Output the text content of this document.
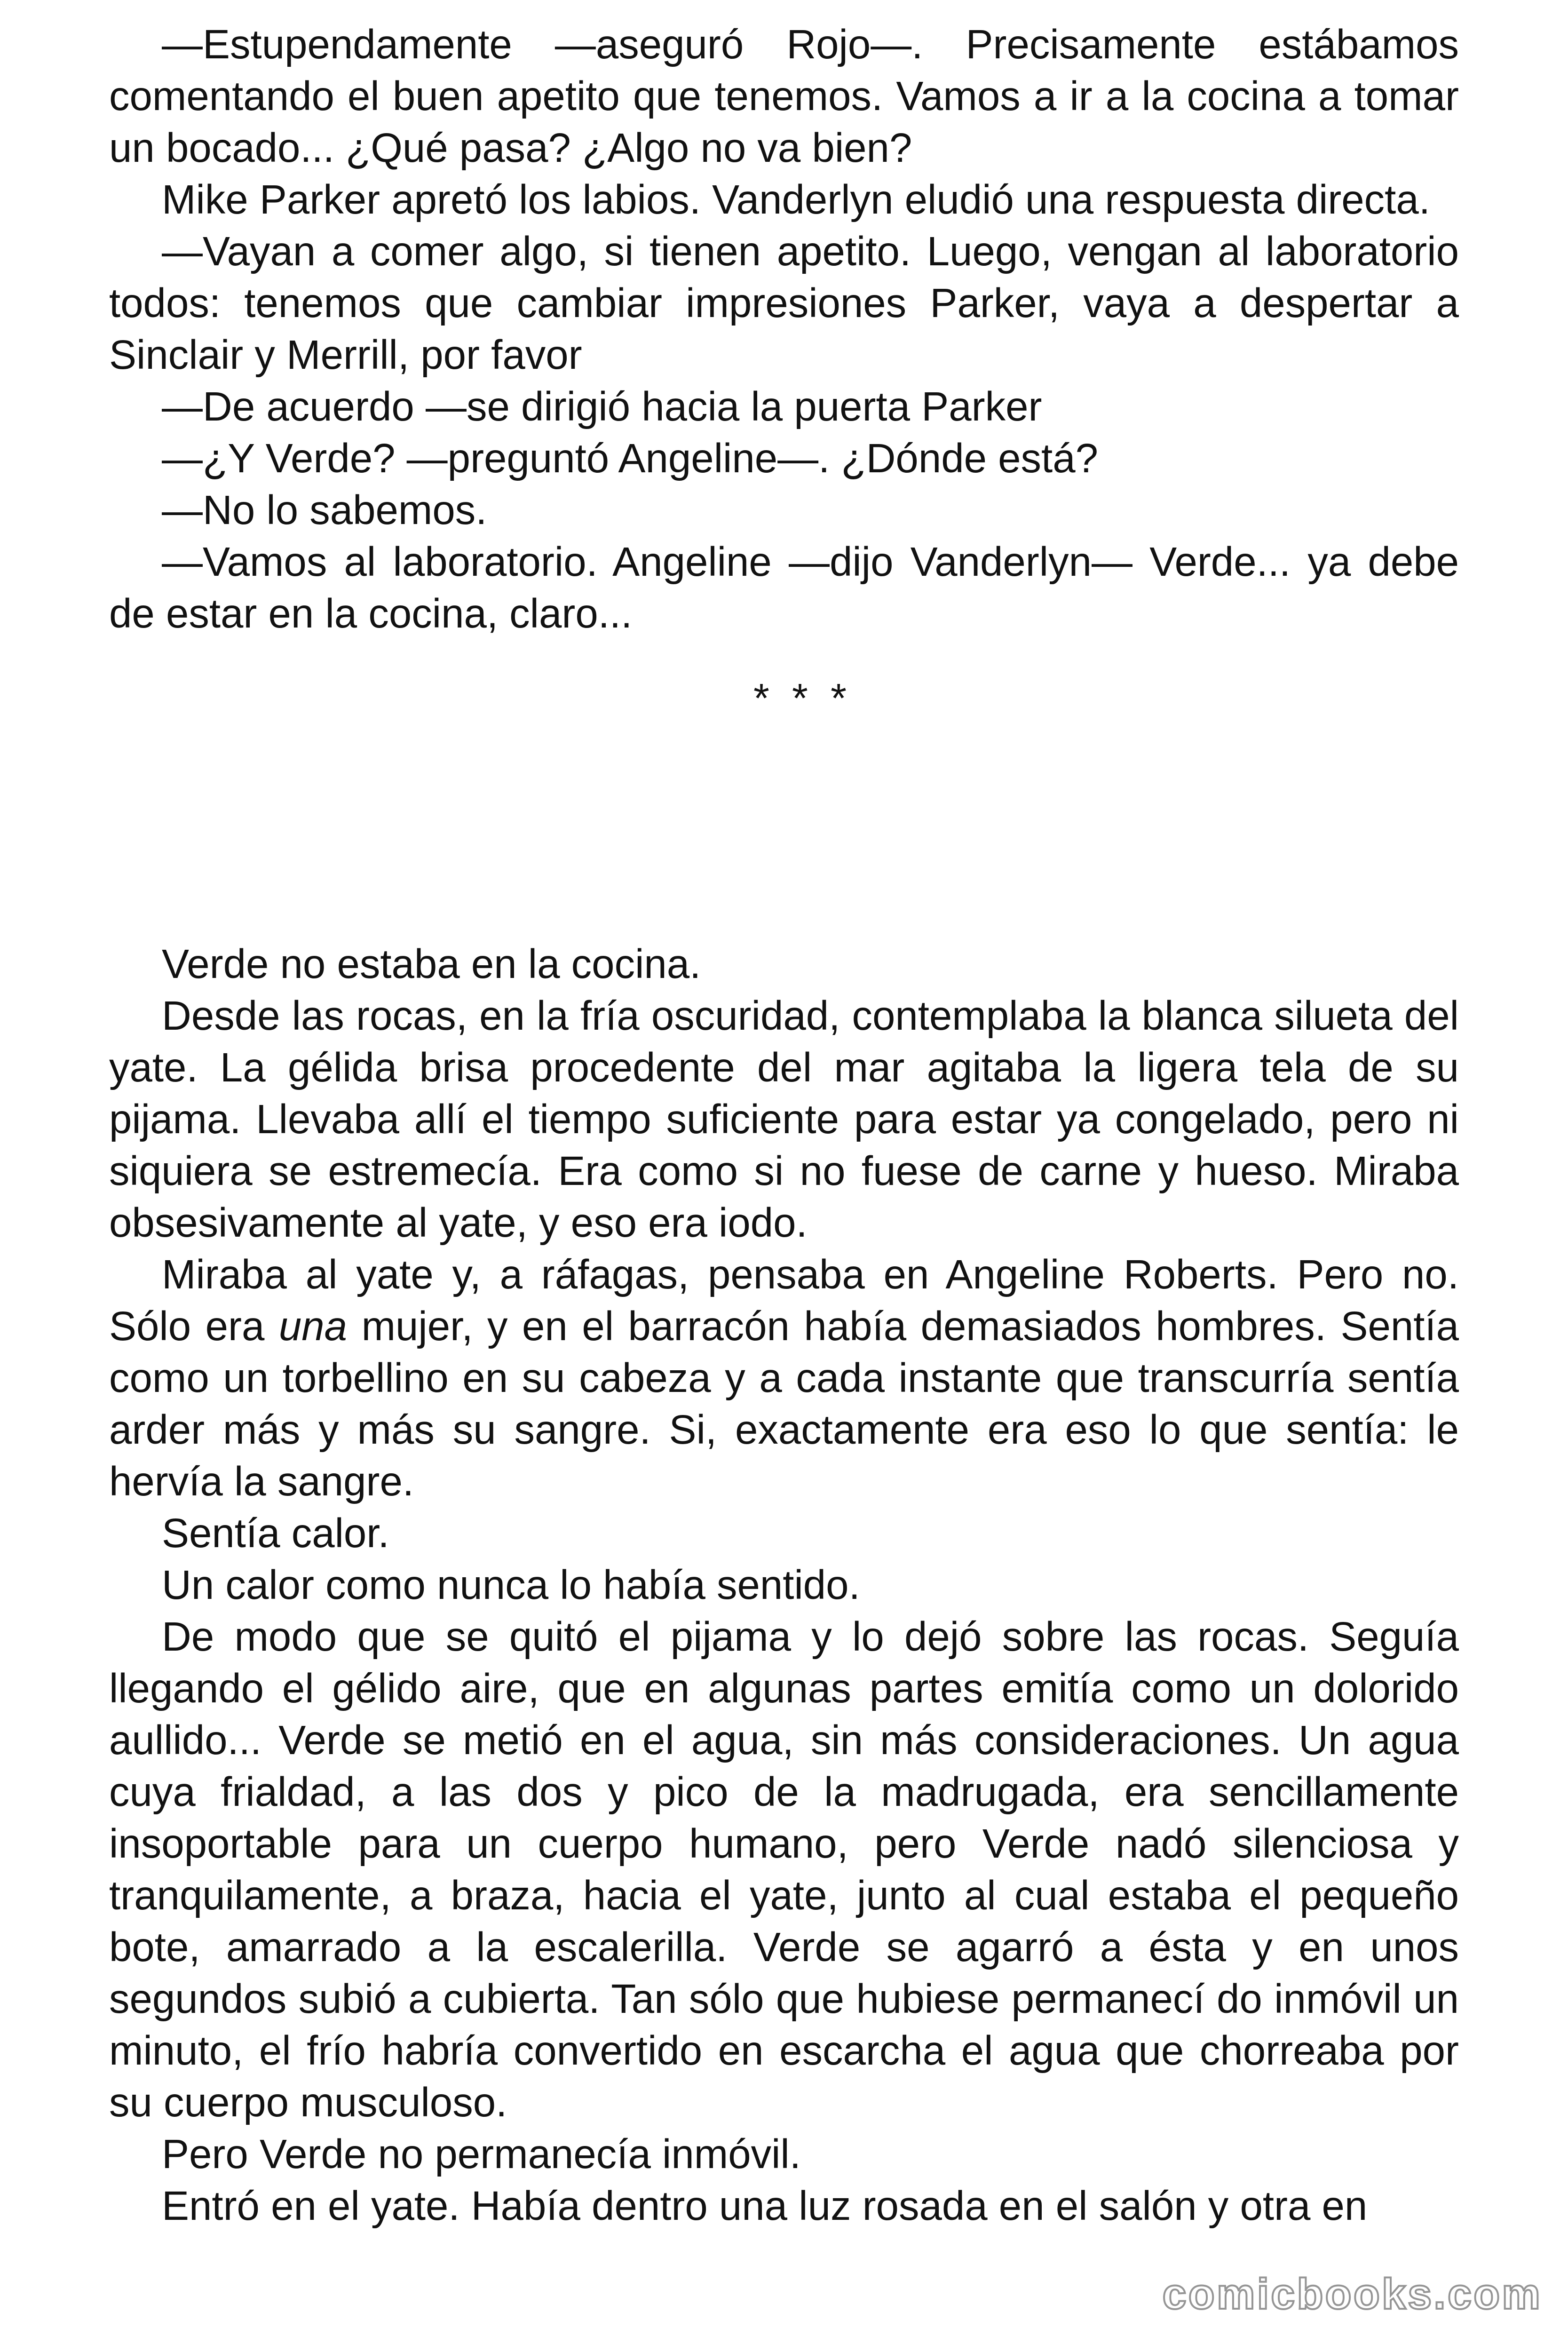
—Estupendamente —aseguró Rojo—. Precisamente estábamos comentando el buen apetito que tenemos. Vamos a ir a la cocina a tomar un bocado... ¿Qué pasa? ¿Algo no va bien?

Mike Parker apretó los labios. Vanderlyn eludió una respuesta directa.

—Vayan a comer algo, si tienen apetito. Luego, vengan al laboratorio todos: tenemos que cambiar impresiones Parker, vaya a despertar a Sinclair y Merrill, por favor

—De acuerdo —se dirigió hacia la puerta Parker

—¿Y Verde? —preguntó Angeline—. ¿Dónde está?

—No lo sabemos.

—Vamos al laboratorio. Angeline —dijo Vanderlyn— Verde... ya debe de estar en la cocina, claro...

* * *

Verde no estaba en la cocina.

Desde las rocas, en la fría oscuridad, contemplaba la blanca silueta del yate. La gélida brisa procedente del mar agitaba la ligera tela de su pijama. Llevaba allí el tiempo suficiente para estar ya congelado, pero ni siquiera se estremecía. Era como si no fuese de carne y hueso. Miraba obsesivamente al yate, y eso era iodo.

Miraba al yate y, a ráfagas, pensaba en Angeline Roberts. Pero no. Sólo era una mujer, y en el barracón había demasiados hombres. Sentía como un torbellino en su cabeza y a cada instante que transcurría sentía arder más y más su sangre. Si, exactamente era eso lo que sentía: le hervía la sangre.

Sentía calor.

Un calor como nunca lo había sentido.

De modo que se quitó el pijama y lo dejó sobre las rocas. Seguía llegando el gélido aire, que en algunas partes emitía como un dolorido aullido... Verde se metió en el agua, sin más consideraciones. Un agua cuya frialdad, a las dos y pico de la madrugada, era sencillamente insoportable para un cuerpo humano, pero Verde nadó silenciosa y tranquilamente, a braza, hacia el yate, junto al cual estaba el pequeño bote, amarrado a la escalerilla. Verde se agarró a ésta y en unos segundos subió a cubierta. Tan sólo que hubiese permanecí do inmóvil un minuto, el frío habría convertido en escarcha el agua que chorreaba por su cuerpo musculoso.

Pero Verde no permanecía inmóvil.

Entró en el yate. Había dentro una luz rosada en el salón y otra en

comicbooks.com
